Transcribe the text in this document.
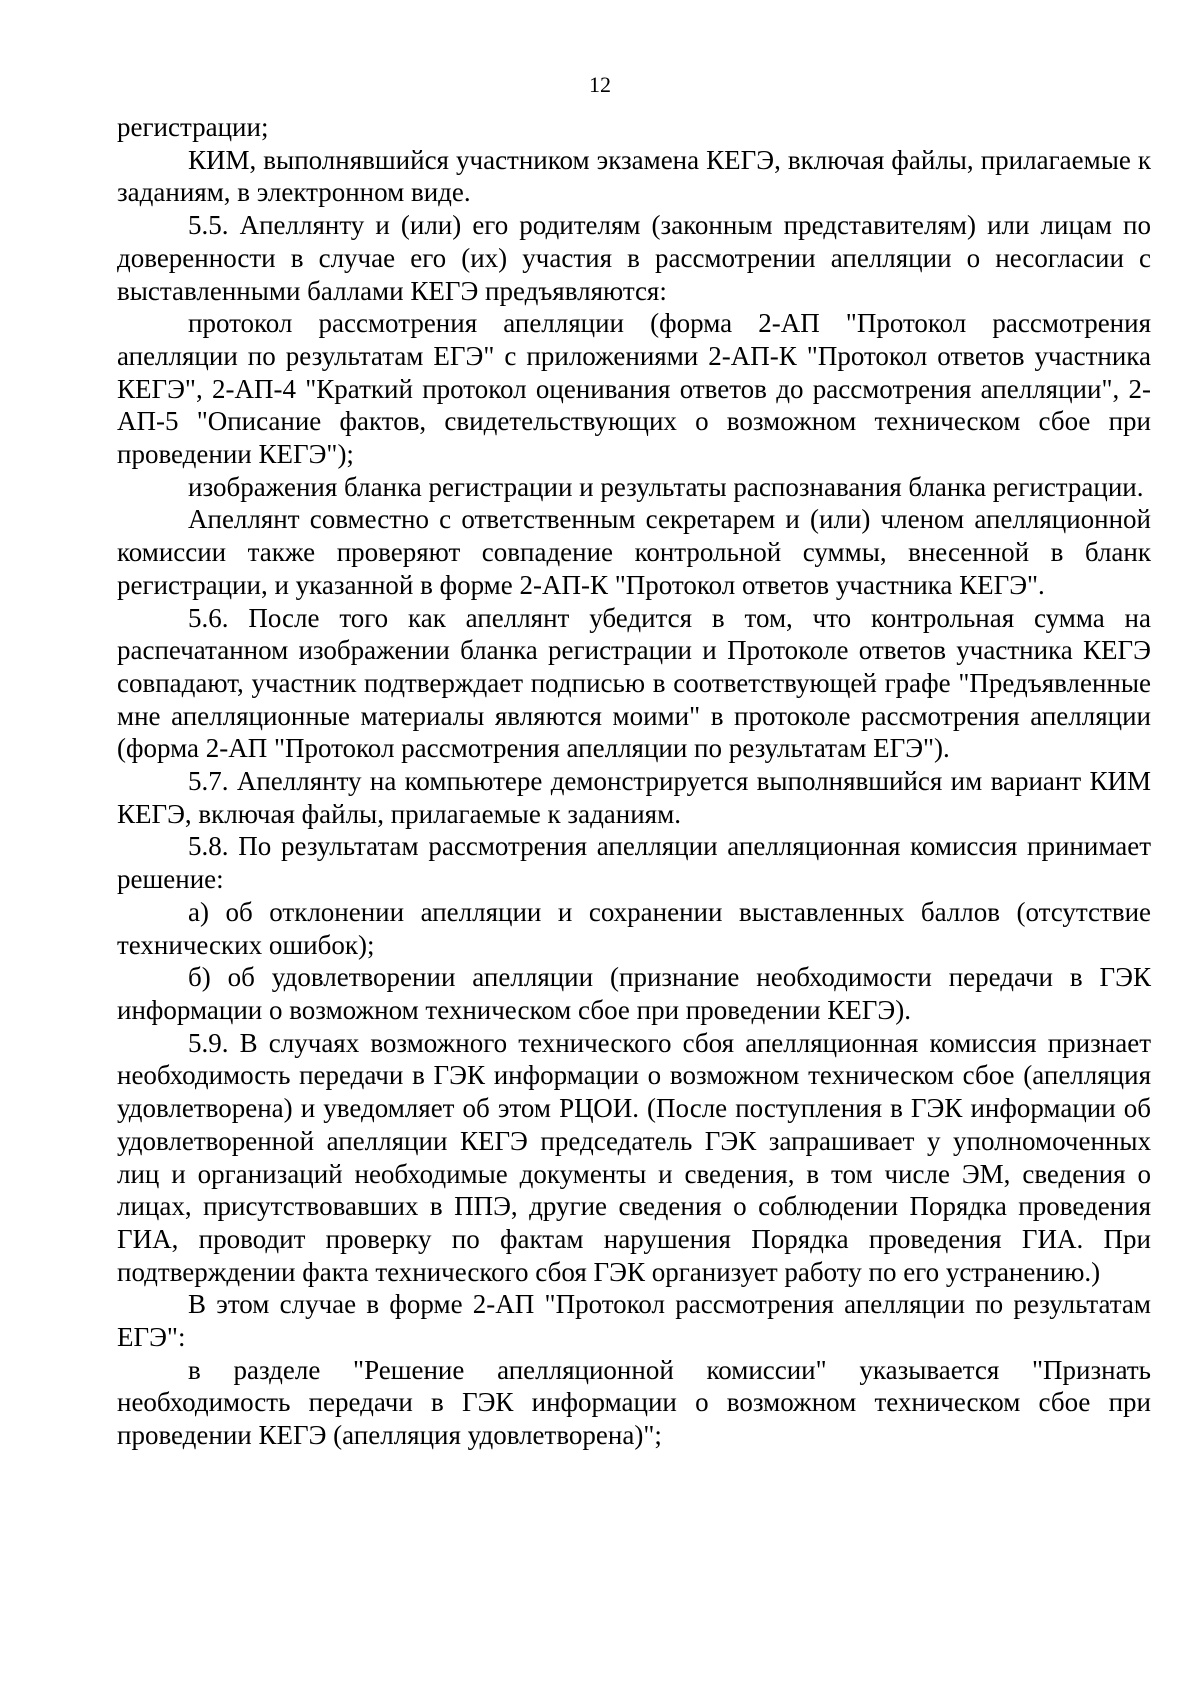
12

регистрации;

КИМ, выполнявшийся участником экзамена КЕГЭ, включая файлы, прилагаемые к заданиям, в электронном виде.

5.5. Апеллянту и (или) его родителям (законным представителям) или лицам по доверенности в случае его (их) участия в рассмотрении апелляции о несогласии с выставленными баллами КЕГЭ предъявляются:

протокол рассмотрения апелляции (форма 2-АП "Протокол рассмотрения апелляции по результатам ЕГЭ" с приложениями 2-АП-К "Протокол ответов участника КЕГЭ", 2-АП-4 "Краткий протокол оценивания ответов до рассмотрения апелляции", 2-АП-5 "Описание фактов, свидетельствующих о возможном техническом сбое при проведении КЕГЭ");

изображения бланка регистрации и результаты распознавания бланка регистрации.

Апеллянт совместно с ответственным секретарем и (или) членом апелляционной комиссии также проверяют совпадение контрольной суммы, внесенной в бланк регистрации, и указанной в форме 2-АП-К "Протокол ответов участника КЕГЭ".

5.6. После того как апеллянт убедится в том, что контрольная сумма на распечатанном изображении бланка регистрации и Протоколе ответов участника КЕГЭ совпадают, участник подтверждает подписью в соответствующей графе "Предъявленные мне апелляционные материалы являются моими" в протоколе рассмотрения апелляции (форма 2-АП "Протокол рассмотрения апелляции по результатам ЕГЭ").

5.7. Апеллянту на компьютере демонстрируется выполнявшийся им вариант КИМ КЕГЭ, включая файлы, прилагаемые к заданиям.

5.8. По результатам рассмотрения апелляции апелляционная комиссия принимает решение:

а) об отклонении апелляции и сохранении выставленных баллов (отсутствие технических ошибок);

б) об удовлетворении апелляции (признание необходимости передачи в ГЭК информации о возможном техническом сбое при проведении КЕГЭ).

5.9. В случаях возможного технического сбоя апелляционная комиссия признает необходимость передачи в ГЭК информации о возможном техническом сбое (апелляция удовлетворена) и уведомляет об этом РЦОИ. (После поступления в ГЭК информации об удовлетворенной апелляции КЕГЭ председатель ГЭК запрашивает у уполномоченных лиц и организаций необходимые документы и сведения, в том числе ЭМ, сведения о лицах, присутствовавших в ППЭ, другие сведения о соблюдении Порядка проведения ГИА, проводит проверку по фактам нарушения Порядка проведения ГИА. При подтверждении факта технического сбоя ГЭК организует работу по его устранению.)

В этом случае в форме 2-АП "Протокол рассмотрения апелляции по результатам ЕГЭ":

в разделе "Решение апелляционной комиссии" указывается "Признать необходимость передачи в ГЭК информации о возможном техническом сбое при проведении КЕГЭ (апелляция удовлетворена)";
